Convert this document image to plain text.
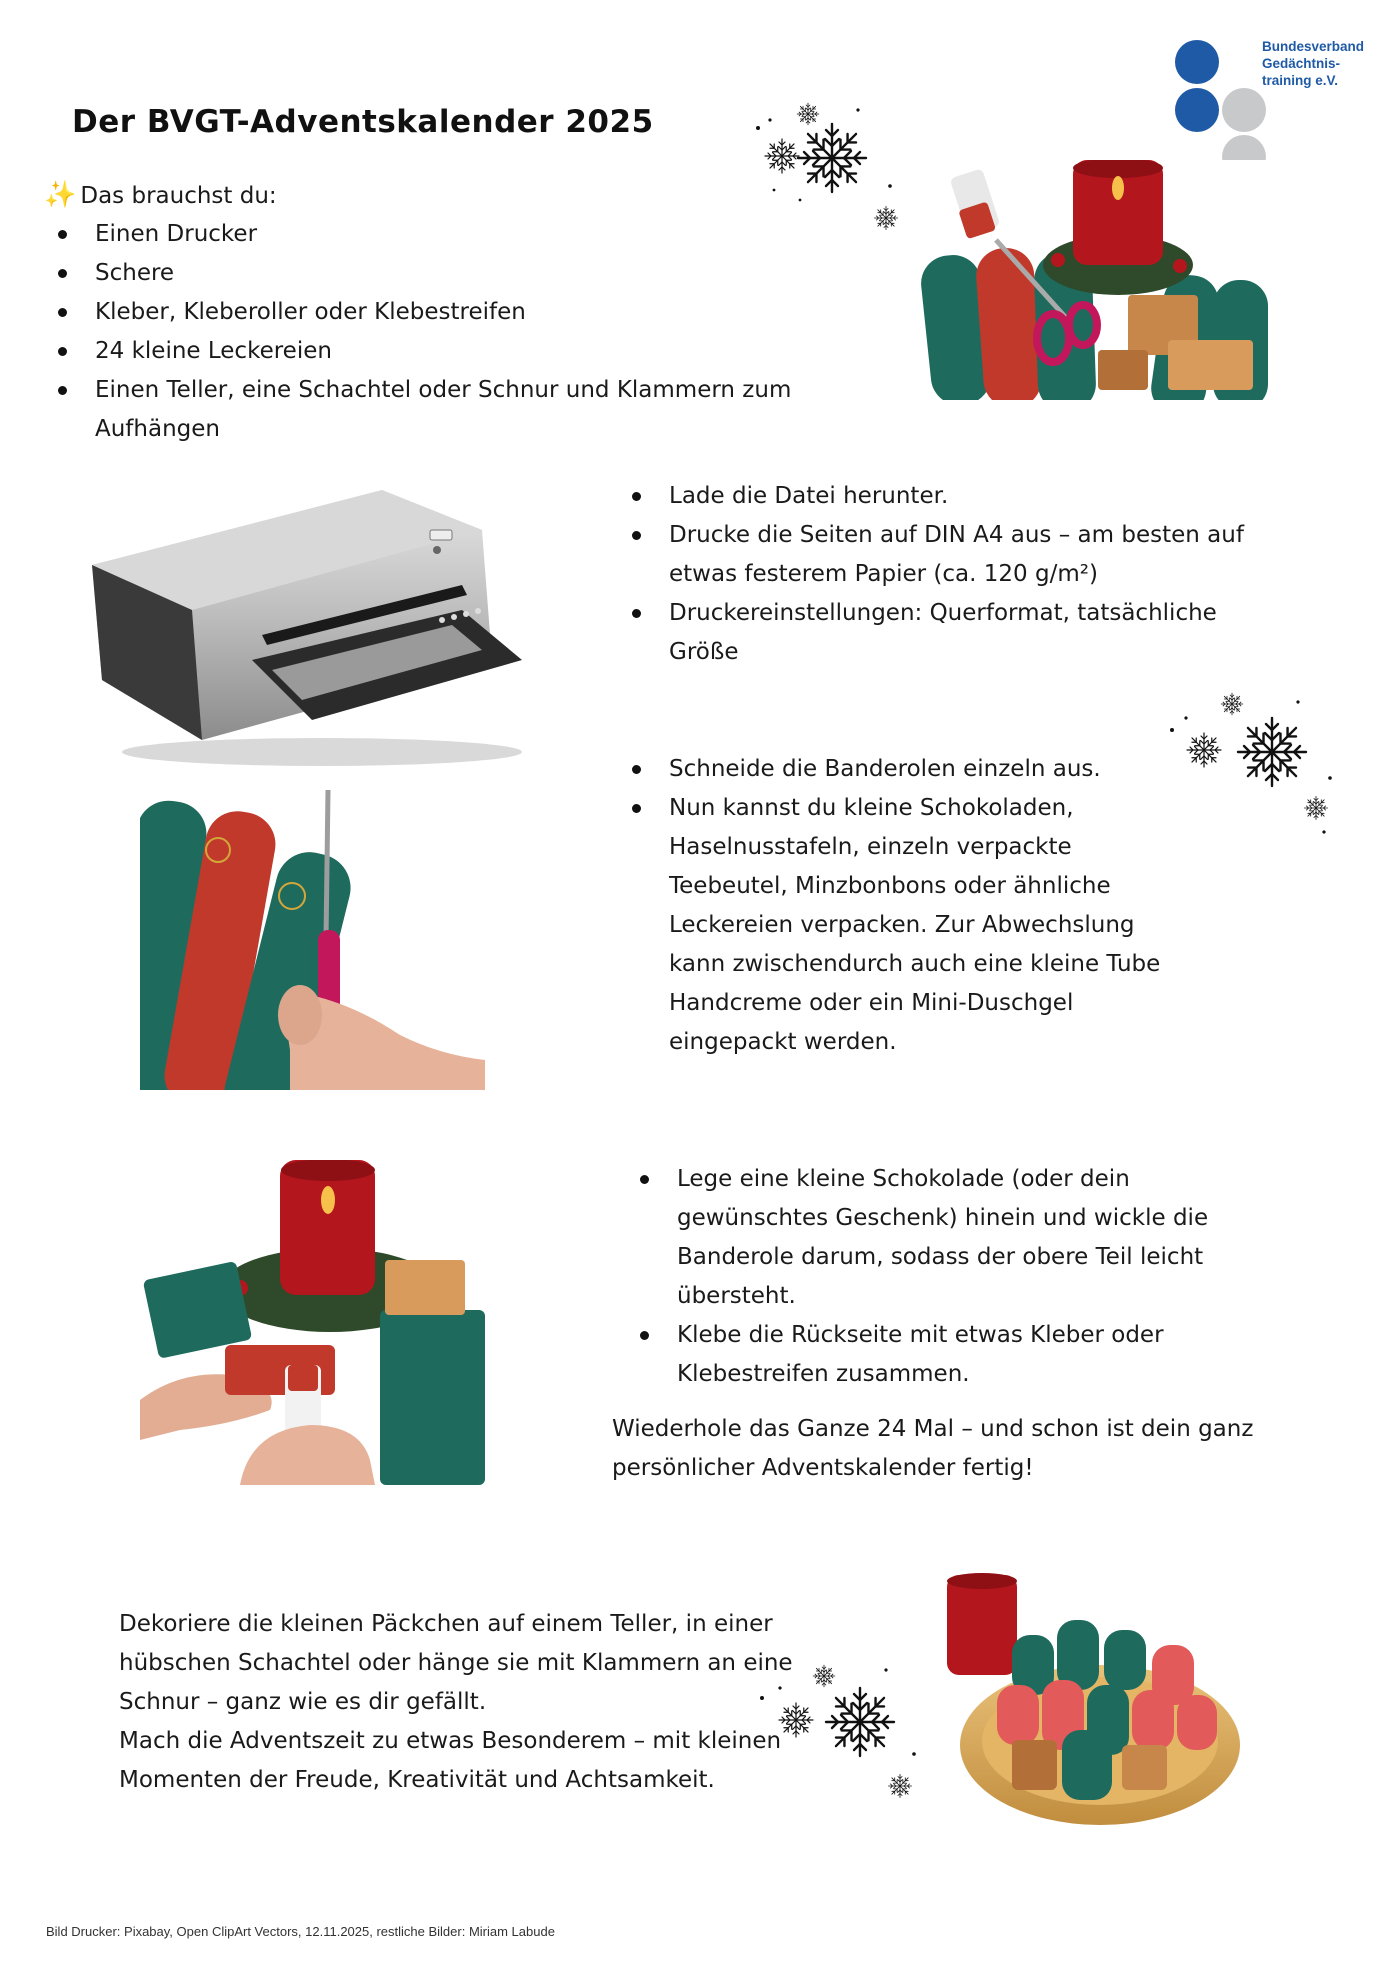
Bundesverband
Gedächtnis-
training e.V.
Der BVGT-Adventskalender 2025
✨ Das brauchst du:
Einen Drucker
Schere
Kleber, Kleberoller oder Klebestreifen
24 kleine Leckereien
Einen Teller, eine Schachtel oder Schnur und Klammern zum Aufhängen
Lade die Datei herunter.
Drucke die Seiten auf DIN A4 aus – am besten auf etwas festerem Papier (ca. 120 g/m²)
Druckereinstellungen: Querformat, tatsächliche Größe
Schneide die Banderolen einzeln aus.
Nun kannst du kleine Schokoladen, Haselnusstafeln, einzeln verpackte Teebeutel, Minzbonbons oder ähnliche Leckereien verpacken. Zur Abwechslung kann zwischendurch auch eine kleine Tube Handcreme oder ein Mini-Duschgel eingepackt werden.
Lege eine kleine Schokolade (oder dein gewünschtes Geschenk) hinein und wickle die Banderole darum, sodass der obere Teil leicht übersteht.
Klebe die Rückseite mit etwas Kleber oder Klebestreifen zusammen.

Wiederhole das Ganze 24 Mal – und schon ist dein ganz persönlicher Adventskalender fertig!

Dekoriere die kleinen Päckchen auf einem Teller, in einer hübschen Schachtel oder hänge sie mit Klammern an eine Schnur – ganz wie es dir gefällt.
Mach die Adventszeit zu etwas Besonderem – mit kleinen Momenten der Freude, Kreativität und Achtsamkeit.
Bild Drucker: Pixabay, Open ClipArt Vectors, 12.11.2025, restliche Bilder: Miriam Labude
